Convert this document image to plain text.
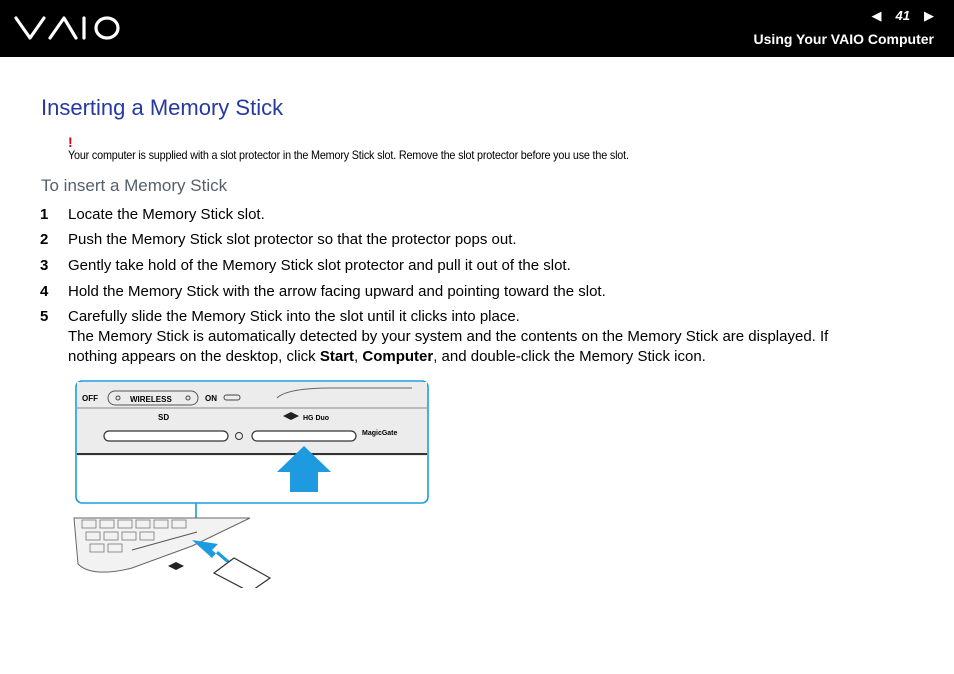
◀	41	▶
Using Your VAIO Computer
Inserting a Memory Stick
!
Your computer is supplied with a slot protector in the Memory Stick slot. Remove the slot protector before you use the slot.
To insert a Memory Stick
1 Locate the Memory Stick slot.
2 Push the Memory Stick slot protector so that the protector pops out.
3 Gently take hold of the Memory Stick slot protector and pull it out of the slot.
4 Hold the Memory Stick with the arrow facing upward and pointing toward the slot.
5 Carefully slide the Memory Stick into the slot until it clicks into place.
The Memory Stick is automatically detected by your system and the contents on the Memory Stick are displayed. If
nothing appears on the desktop, click Start, Computer, and double-click the Memory Stick icon.
OFF	WIRELESS	ON
SD	HG Duo
MagicGate
